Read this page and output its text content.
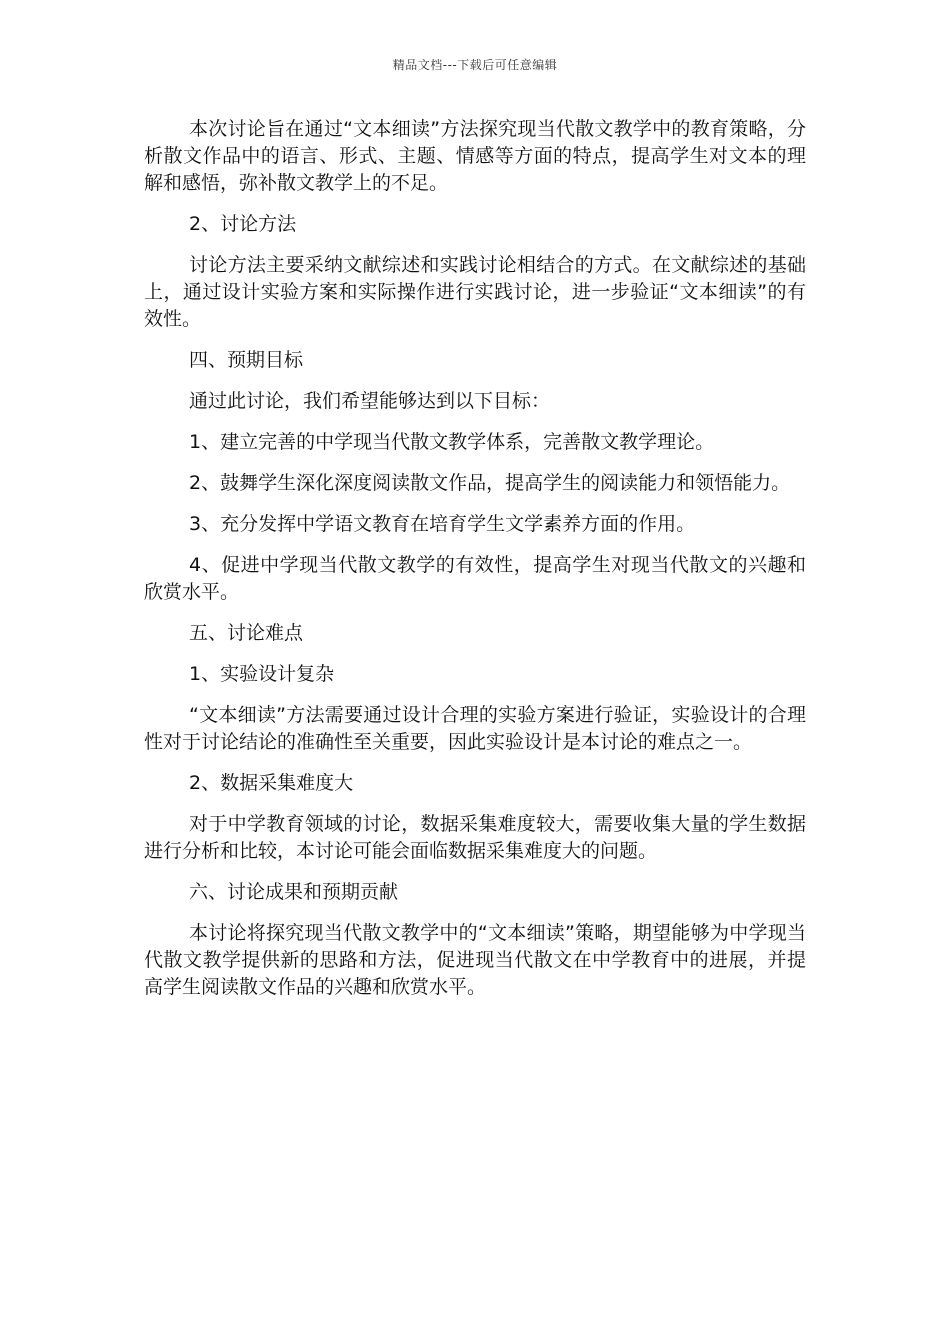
精品文档---下载后可任意编辑

本次讨论旨在通过“文本细读”方法探究现当代散文教学中的教育策略，分析散文作品中的语言、形式、主题、情感等方面的特点，提高学生对文本的理解和感悟，弥补散文教学上的不足。

2、讨论方法

讨论方法主要采纳文献综述和实践讨论相结合的方式。在文献综述的基础上，通过设计实验方案和实际操作进行实践讨论，进一步验证“文本细读”的有效性。

四、预期目标

通过此讨论，我们希望能够达到以下目标：

1、建立完善的中学现当代散文教学体系，完善散文教学理论。

2、鼓舞学生深化深度阅读散文作品，提高学生的阅读能力和领悟能力。

3、充分发挥中学语文教育在培育学生文学素养方面的作用。

4、促进中学现当代散文教学的有效性，提高学生对现当代散文的兴趣和欣赏水平。

五、讨论难点

1、实验设计复杂

“文本细读”方法需要通过设计合理的实验方案进行验证，实验设计的合理性对于讨论结论的准确性至关重要，因此实验设计是本讨论的难点之一。

2、数据采集难度大

对于中学教育领域的讨论，数据采集难度较大，需要收集大量的学生数据进行分析和比较，本讨论可能会面临数据采集难度大的问题。

六、讨论成果和预期贡献

本讨论将探究现当代散文教学中的“文本细读”策略，期望能够为中学现当代散文教学提供新的思路和方法，促进现当代散文在中学教育中的进展，并提高学生阅读散文作品的兴趣和欣赏水平。
